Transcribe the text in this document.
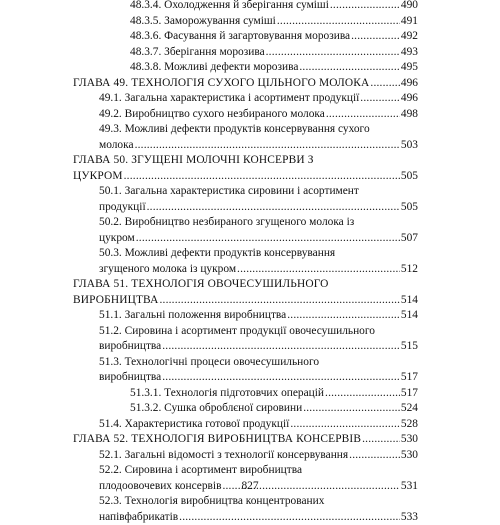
48.3.4. Охолодження й зберігання суміші .....	490
48.3.5. Заморожування суміші .....	491
48.3.6. Фасування й загартовування морозива .....	492
48.3.7. Зберігання морозива .....	493
48.3.8. Можливі дефекти морозива .....	495
ГЛАВА 49. ТЕХНОЛОГІЯ СУХОГО ЦІЛЬНОГО МОЛОКА .....	496
49.1. Загальна характеристика і асортимент продукції .....	496
49.2. Виробництво сухого незбираного молока .....	498
49.3. Можливі дефекти продуктів консервування сухого
молока .....	503
ГЛАВА 50. ЗГУЩЕНІ МОЛОЧНІ КОНСЕРВИ З
ЦУКРОМ .....	505
50.1. Загальна характеристика сировини і асортимент
продукції .....	505
50.2. Виробництво незбираного згущеного молока із
цукром .....	507
50.3. Можливі дефекти продуктів консервування
згущеного молока із цукром .....	512
ГЛАВА 51. ТЕХНОЛОГІЯ ОВОЧЕСУШИЛЬНОГО
ВИРОБНИЦТВА .....	514
51.1. Загальні положення виробництва .....	514
51.2. Сировина і асортимент продукції овочесушильного
виробництва .....	515
51.3. Технологічні процеси овочесушильного
виробництва .....	517
51.3.1. Технологія підготовчих операцій .....	517
51.3.2. Сушка оброблєної сировини .....	524
51.4. Характеристика готової продукції .....	528
ГЛАВА 52. ТЕХНОЛОГІЯ ВИРОБНИЦТВА КОНСЕРВІВ .....	530
52.1. Загальні відомості з технології консервування .....	530
52.2. Сировина і асортимент виробництва
плодоовочевих консервів .....	531
52.3. Технологія виробництва концентрованих
напівфабрикатів .....	533
827
